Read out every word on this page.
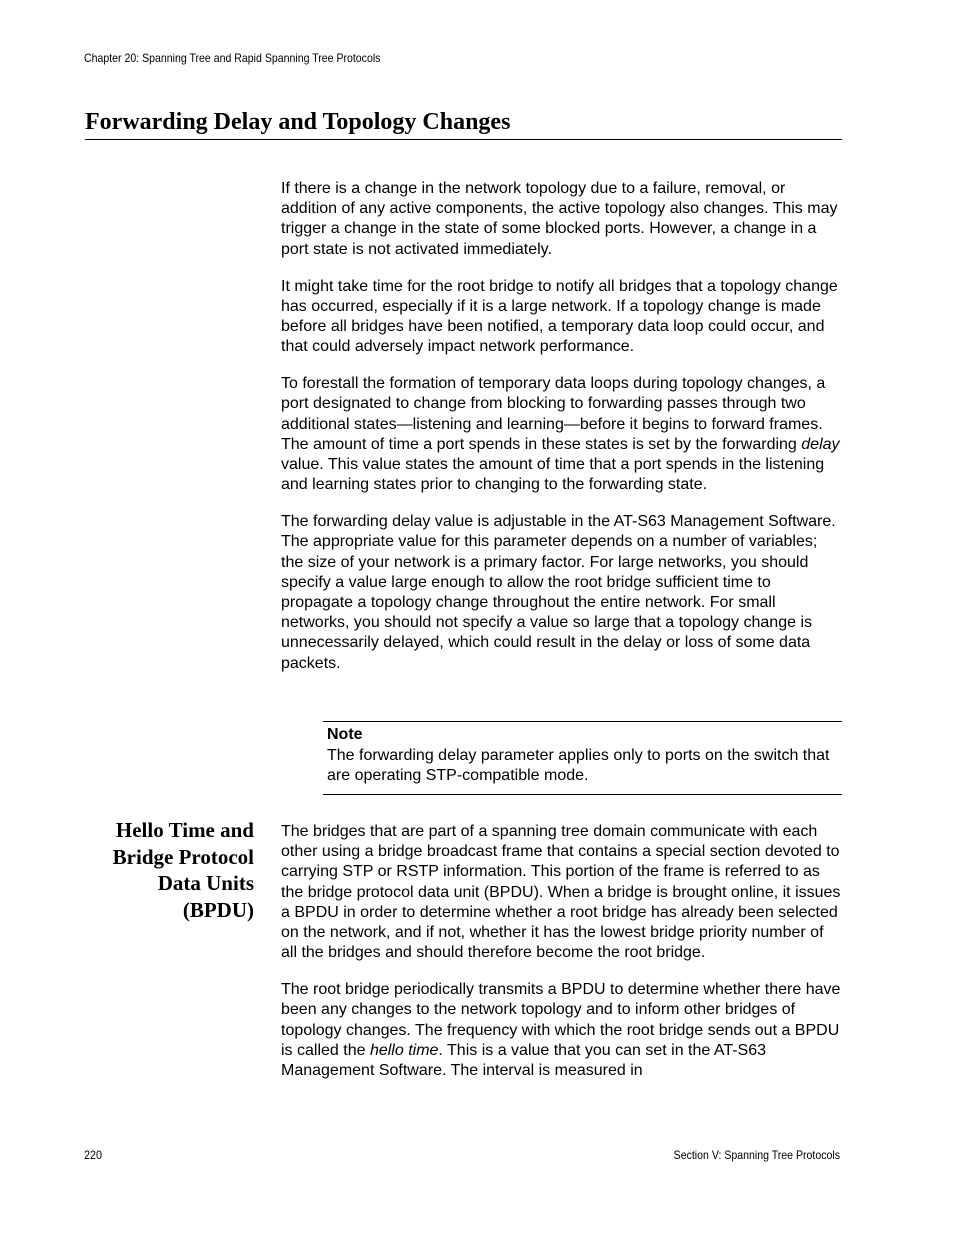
Chapter 20: Spanning Tree and Rapid Spanning Tree Protocols
Forwarding Delay and Topology Changes

If there is a change in the network topology due to a failure, removal, or addition of any active components, the active topology also changes. This may trigger a change in the state of some blocked ports. However, a change in a port state is not activated immediately.

It might take time for the root bridge to notify all bridges that a topology change has occurred, especially if it is a large network. If a topology change is made before all bridges have been notified, a temporary data loop could occur, and that could adversely impact network performance.

To forestall the formation of temporary data loops during topology changes, a port designated to change from blocking to forwarding passes through two additional states—listening and learning—before it begins to forward frames. The amount of time a port spends in these states is set by the forwarding delay value. This value states the amount of time that a port spends in the listening and learning states prior to changing to the forwarding state.

The forwarding delay value is adjustable in the AT-S63 Management Software. The appropriate value for this parameter depends on a number of variables; the size of your network is a primary factor. For large networks, you should specify a value large enough to allow the root bridge sufficient time to propagate a topology change throughout the entire network. For small networks, you should not specify a value so large that a topology change is unnecessarily delayed, which could result in the delay or loss of some data packets.

Note
The forwarding delay parameter applies only to ports on the switch that are operating STP-compatible mode.
Hello Time and
Bridge Protocol
Data Units
(BPDU)

The bridges that are part of a spanning tree domain communicate with each other using a bridge broadcast frame that contains a special section devoted to carrying STP or RSTP information. This portion of the frame is referred to as the bridge protocol data unit (BPDU). When a bridge is brought online, it issues a BPDU in order to determine whether a root bridge has already been selected on the network, and if not, whether it has the lowest bridge priority number of all the bridges and should therefore become the root bridge.

The root bridge periodically transmits a BPDU to determine whether there have been any changes to the network topology and to inform other bridges of topology changes. The frequency with which the root bridge sends out a BPDU is called the hello time. This is a value that you can set in the AT-S63 Management Software. The interval is measured in

220	Section V: Spanning Tree Protocols
